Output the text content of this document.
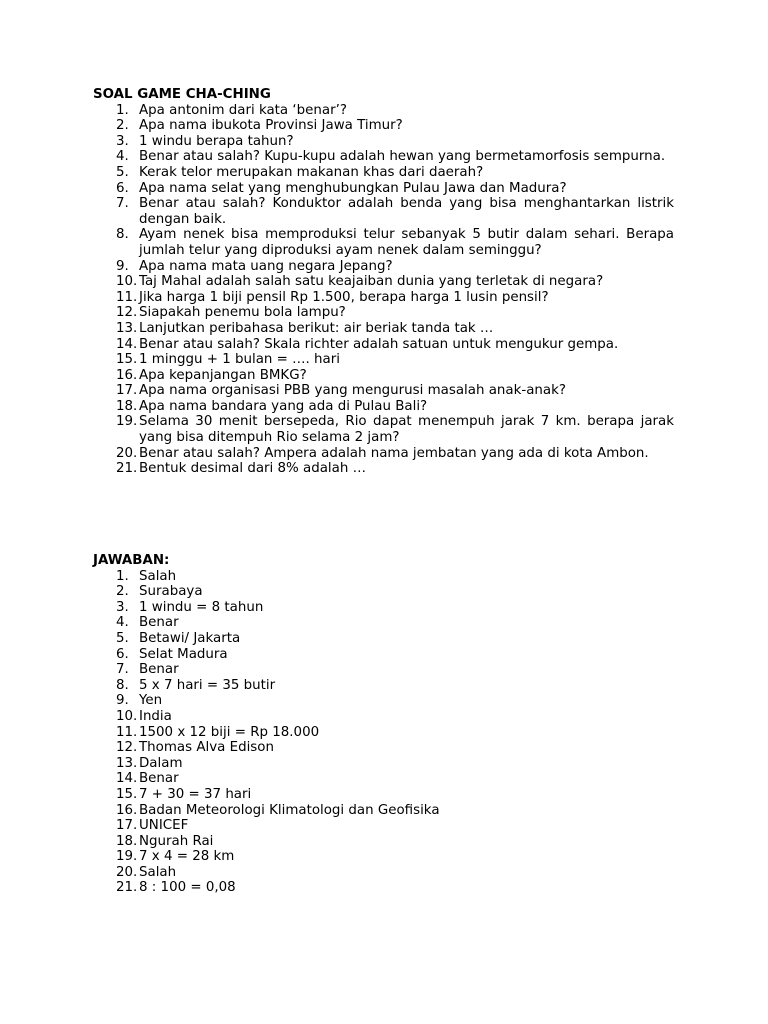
SOAL GAME CHA-CHING
1. Apa antonim dari kata ‘benar’?
2. Apa nama ibukota Provinsi Jawa Timur?
3. 1 windu berapa tahun?
4. Benar atau salah? Kupu-kupu adalah hewan yang bermetamorfosis sempurna.
5. Kerak telor merupakan makanan khas dari daerah?
6. Apa nama selat yang menghubungkan Pulau Jawa dan Madura?
7. Benar atau salah? Konduktor adalah benda yang bisa menghantarkan listrik dengan baik.
8. Ayam nenek bisa memproduksi telur sebanyak 5 butir dalam sehari. Berapa jumlah telur yang diproduksi ayam nenek dalam seminggu?
9. Apa nama mata uang negara Jepang?
10. Taj Mahal adalah salah satu keajaiban dunia yang terletak di negara?
11. Jika harga 1 biji pensil Rp 1.500, berapa harga 1 lusin pensil?
12. Siapakah penemu bola lampu?
13. Lanjutkan peribahasa berikut: air beriak tanda tak …
14. Benar atau salah? Skala richter adalah satuan untuk mengukur gempa.
15. 1 minggu + 1 bulan = …. hari
16. Apa kepanjangan BMKG?
17. Apa nama organisasi PBB yang mengurusi masalah anak-anak?
18. Apa nama bandara yang ada di Pulau Bali?
19. Selama 30 menit bersepeda, Rio dapat menempuh jarak 7 km. berapa jarak yang bisa ditempuh Rio selama 2 jam?
20. Benar atau salah? Ampera adalah nama jembatan yang ada di kota Ambon.
21. Bentuk desimal dari 8% adalah …
JAWABAN:
1. Salah
2. Surabaya
3. 1 windu = 8 tahun
4. Benar
5. Betawi/ Jakarta
6. Selat Madura
7. Benar
8. 5 x 7 hari = 35 butir
9. Yen
10. India
11. 1500 x 12 biji = Rp 18.000
12. Thomas Alva Edison
13. Dalam
14. Benar
15. 7 + 30 = 37 hari
16. Badan Meteorologi Klimatologi dan Geofisika
17. UNICEF
18. Ngurah Rai
19. 7 x 4 = 28 km
20. Salah
21. 8 : 100 = 0,08
